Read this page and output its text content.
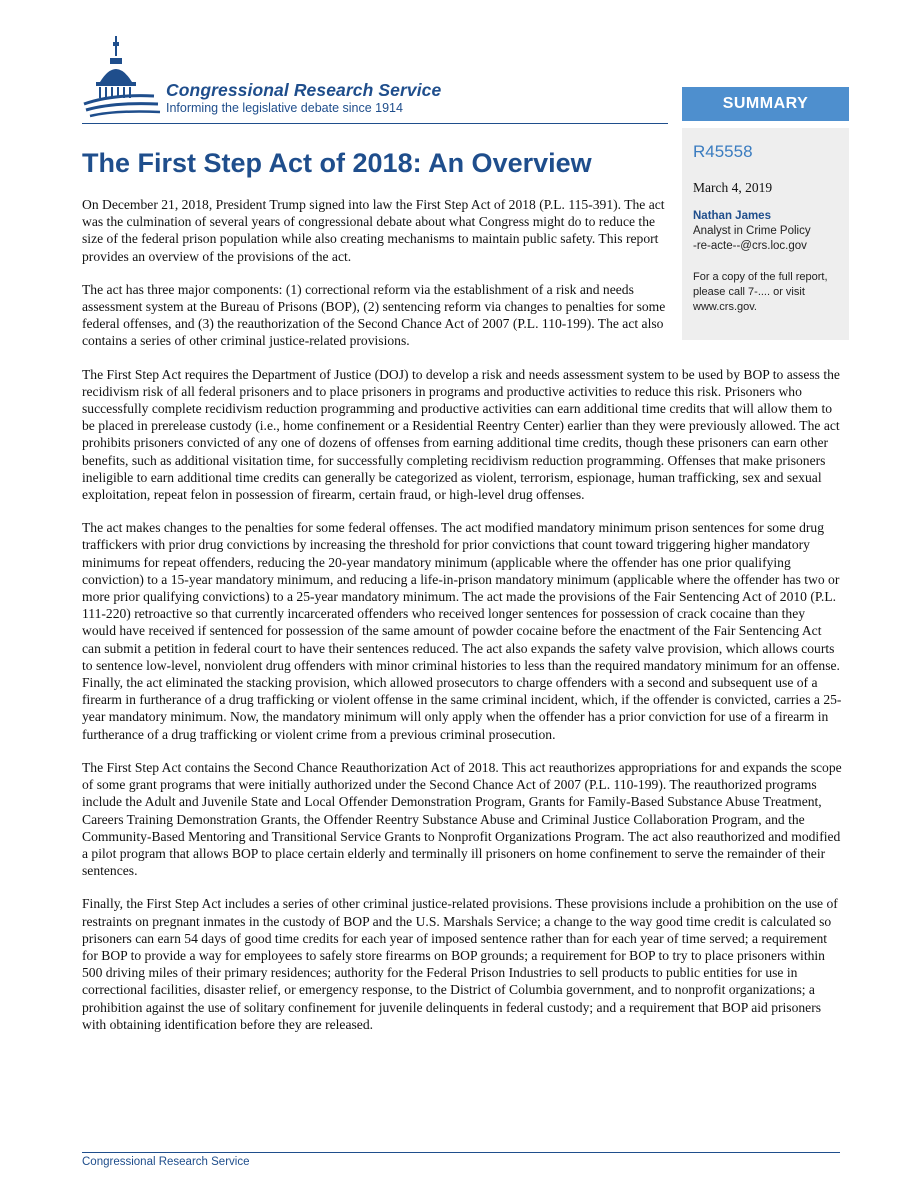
Congressional Research Service

Informing the legislative debate since 1914	SUMMARY

R45558

March 4, 2019

Nathan James

Analyst in Crime Policy

-re-acte--@crs.loc.gov

For a copy of the full report, please call 7-.... or visit www.crs.gov.

The First Step Act of 2018: An Overview

On December 21, 2018, President Trump signed into law the First Step Act of 2018 (P.L. 115-391). The act was the culmination of several years of congressional debate about what Congress might do to reduce the size of the federal prison population while also creating mechanisms to maintain public safety. This report provides an overview of the provisions of the act.

The act has three major components: (1) correctional reform via the establishment of a risk and needs assessment system at the Bureau of Prisons (BOP), (2) sentencing reform via changes to penalties for some federal offenses, and (3) the reauthorization of the Second Chance Act of 2007 (P.L. 110-199). The act also contains a series of other criminal justice-related provisions.

The First Step Act requires the Department of Justice (DOJ) to develop a risk and needs assessment system to be used by BOP to assess the recidivism risk of all federal prisoners and to place prisoners in programs and productive activities to reduce this risk. Prisoners who successfully complete recidivism reduction programming and productive activities can earn additional time credits that will allow them to be placed in prerelease custody (i.e., home confinement or a Residential Reentry Center) earlier than they were previously allowed. The act prohibits prisoners convicted of any one of dozens of offenses from earning additional time credits, though these prisoners can earn other benefits, such as additional visitation time, for successfully completing recidivism reduction programming. Offenses that make prisoners ineligible to earn additional time credits can generally be categorized as violent, terrorism, espionage, human trafficking, sex and sexual exploitation, repeat felon in possession of firearm, certain fraud, or high-level drug offenses.

The act makes changes to the penalties for some federal offenses. The act modified mandatory minimum prison sentences for some drug traffickers with prior drug convictions by increasing the threshold for prior convictions that count toward triggering higher mandatory minimums for repeat offenders, reducing the 20-year mandatory minimum (applicable where the offender has one prior qualifying conviction) to a 15-year mandatory minimum, and reducing a life-in-prison mandatory minimum (applicable where the offender has two or more prior qualifying convictions) to a 25-year mandatory minimum. The act made the provisions of the Fair Sentencing Act of 2010 (P.L. 111-220) retroactive so that currently incarcerated offenders who received longer sentences for possession of crack cocaine than they would have received if sentenced for possession of the same amount of powder cocaine before the enactment of the Fair Sentencing Act can submit a petition in federal court to have their sentences reduced. The act also expands the safety valve provision, which allows courts to sentence low-level, nonviolent drug offenders with minor criminal histories to less than the required mandatory minimum for an offense. Finally, the act eliminated the stacking provision, which allowed prosecutors to charge offenders with a second and subsequent use of a firearm in furtherance of a drug trafficking or violent offense in the same criminal incident, which, if the offender is convicted, carries a 25-year mandatory minimum. Now, the mandatory minimum will only apply when the offender has a prior conviction for use of a firearm in furtherance of a drug trafficking or violent crime from a previous criminal prosecution.

The First Step Act contains the Second Chance Reauthorization Act of 2018. This act reauthorizes appropriations for and expands the scope of some grant programs that were initially authorized under the Second Chance Act of 2007 (P.L. 110-199). The reauthorized programs include the Adult and Juvenile State and Local Offender Demonstration Program, Grants for Family-Based Substance Abuse Treatment, Careers Training Demonstration Grants, the Offender Reentry Substance Abuse and Criminal Justice Collaboration Program, and the Community-Based Mentoring and Transitional Service Grants to Nonprofit Organizations Program. The act also reauthorized and modified a pilot program that allows BOP to place certain elderly and terminally ill prisoners on home confinement to serve the remainder of their sentences.

Finally, the First Step Act includes a series of other criminal justice-related provisions. These provisions include a prohibition on the use of restraints on pregnant inmates in the custody of BOP and the U.S. Marshals Service; a change to the way good time credit is calculated so prisoners can earn 54 days of good time credits for each year of imposed sentence rather than for each year of time served; a requirement for BOP to provide a way for employees to safely store firearms on BOP grounds; a requirement for BOP to try to place prisoners within 500 driving miles of their primary residences; authority for the Federal Prison Industries to sell products to public entities for use in correctional facilities, disaster relief, or emergency response, to the District of Columbia government, and to nonprofit organizations; a prohibition against the use of solitary confinement for juvenile delinquents in federal custody; and a requirement that BOP aid prisoners with obtaining identification before they are released.

Congressional Research Service
